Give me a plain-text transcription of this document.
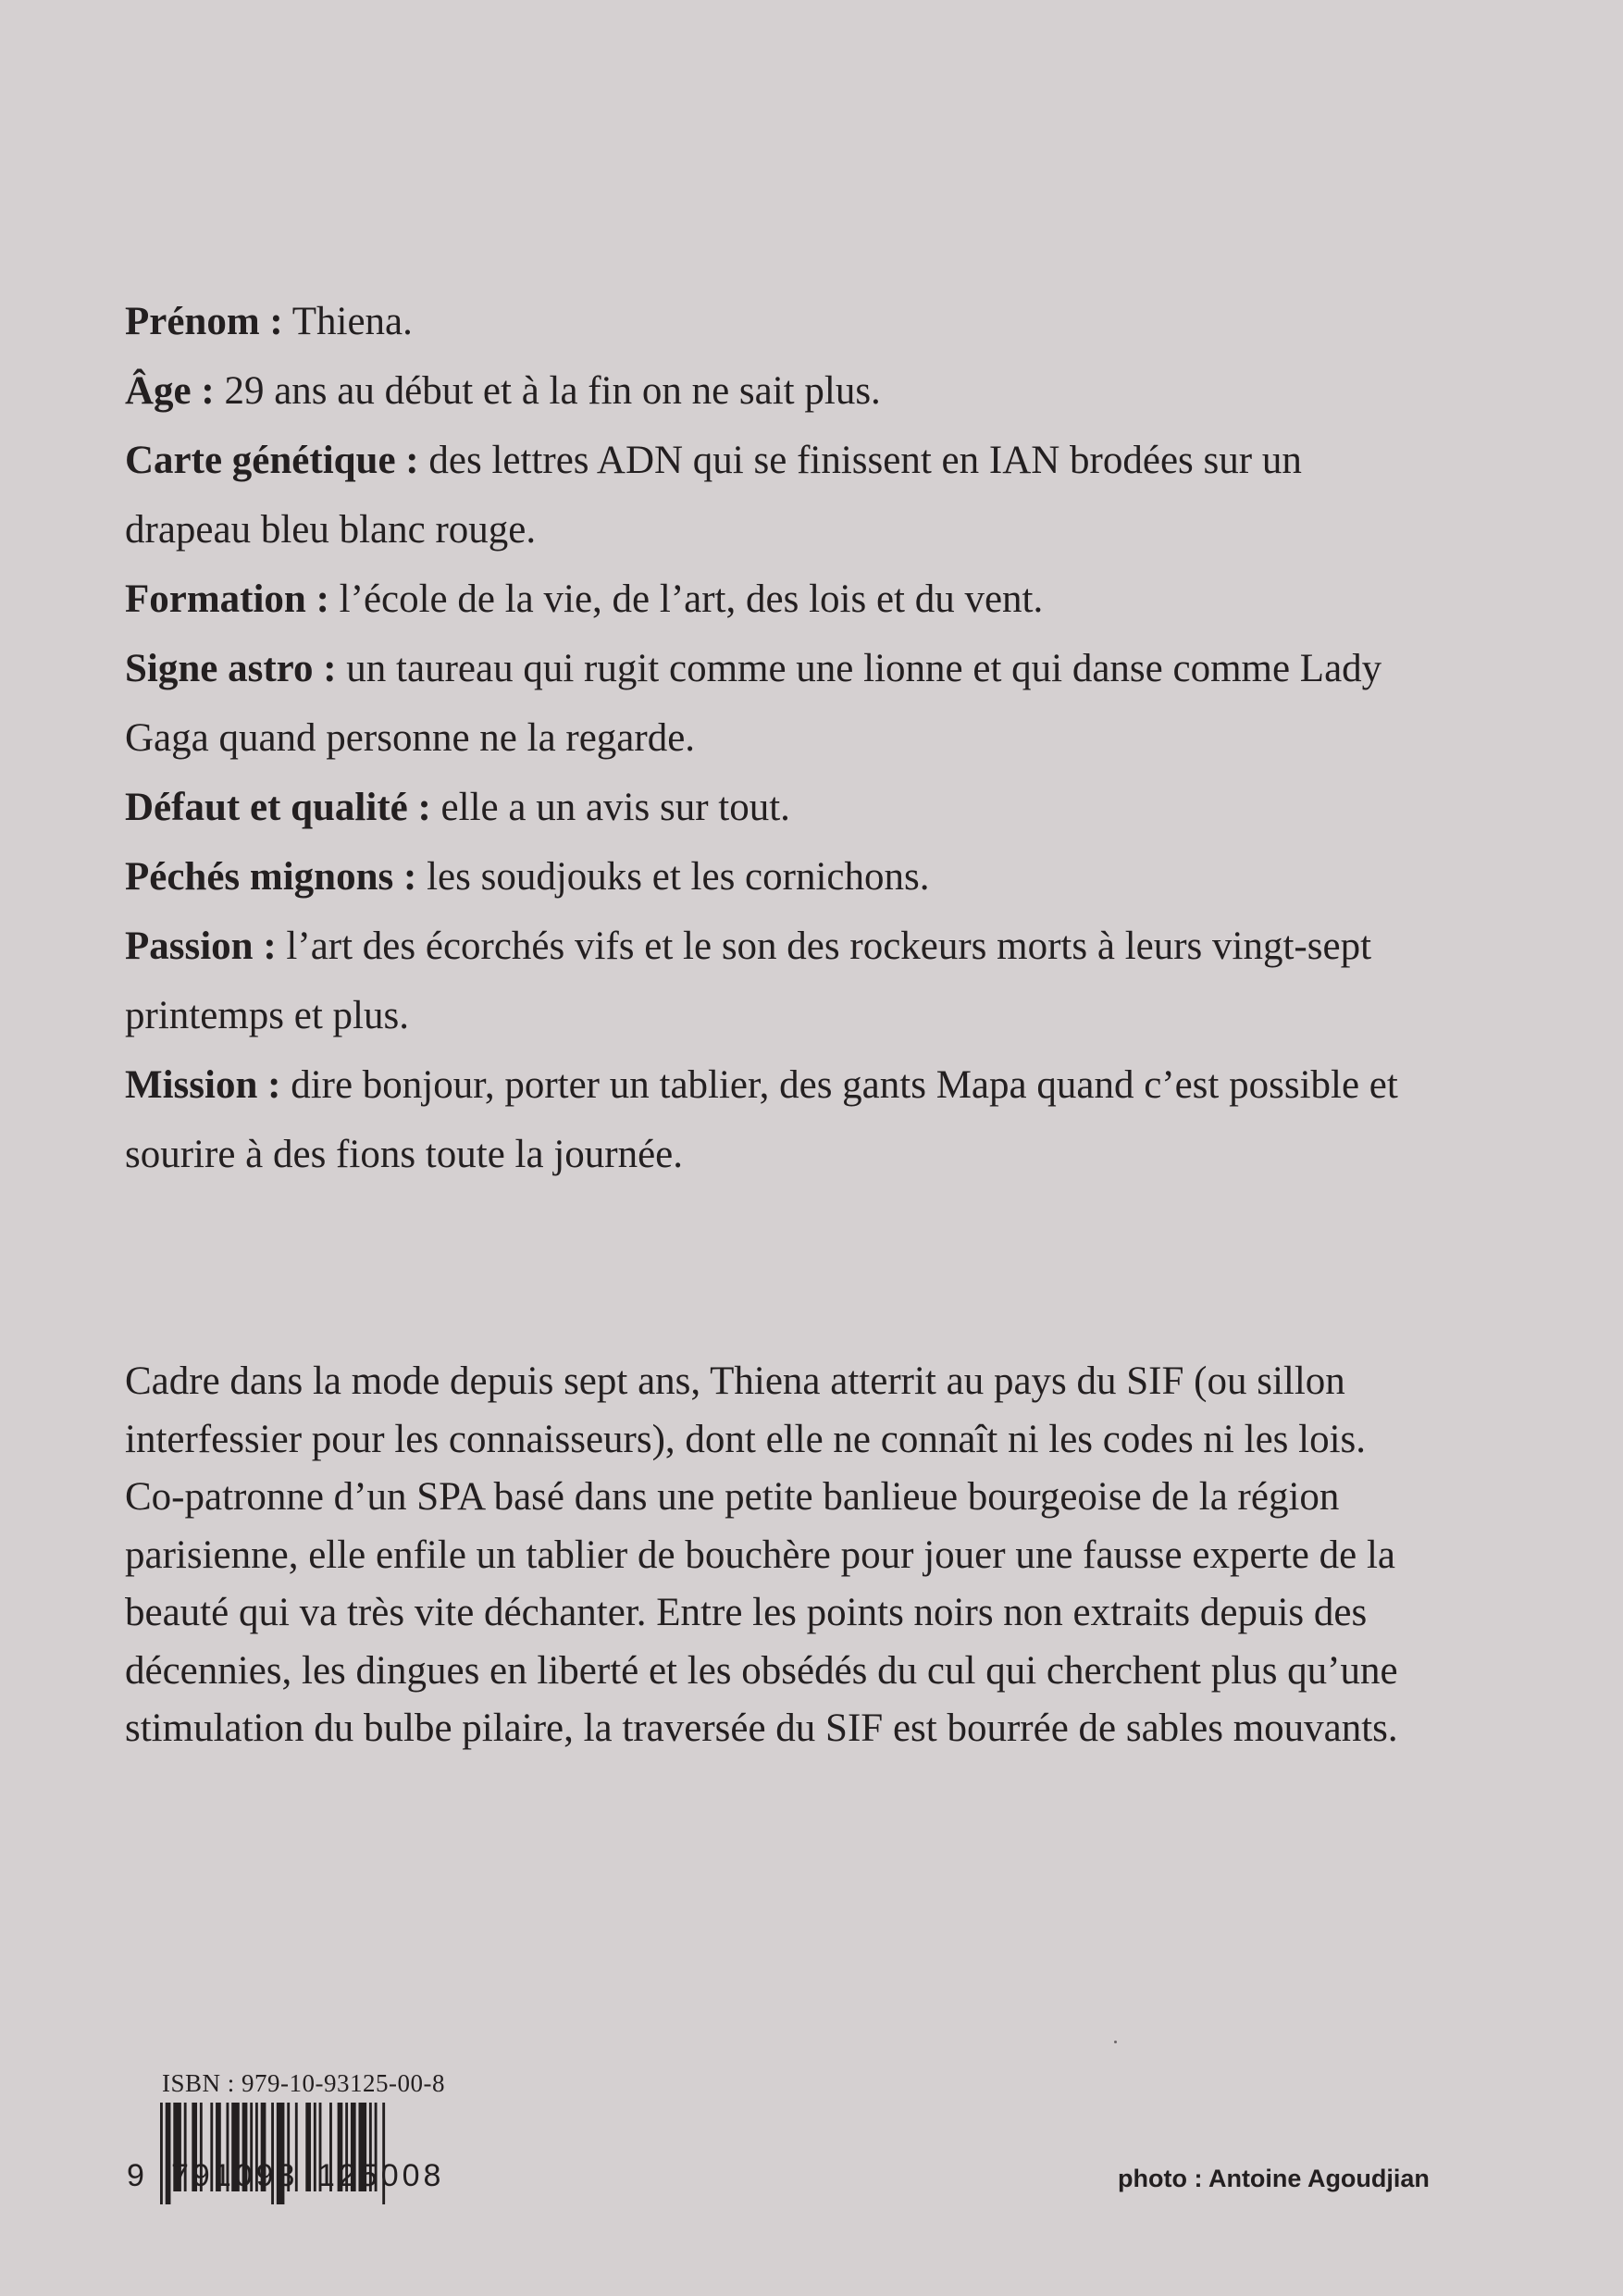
Prénom : Thiena.

Âge : 29 ans au début et à la fin on ne sait plus.

Carte génétique : des lettres ADN qui se finissent en IAN brodées sur un drapeau bleu blanc rouge.

Formation : l’école de la vie, de l’art, des lois et du vent.

Signe astro : un taureau qui rugit comme une lionne et qui danse comme Lady Gaga quand personne ne la regarde.

Défaut et qualité : elle a un avis sur tout.

Péchés mignons : les soudjouks et les cornichons.

Passion : l’art des écorchés vifs et le son des rockeurs morts à leurs vingt-sept printemps et plus.

Mission : dire bonjour, porter un tablier, des gants Mapa quand c’est possible et sourire à des fions toute la journée.

Cadre dans la mode depuis sept ans, Thiena atterrit au pays du SIF (ou sillon interfessier pour les connaisseurs), dont elle ne connaît ni les codes ni les lois. Co-patronne d’un SPA basé dans une petite banlieue bourgeoise de la région parisienne, elle enfile un tablier de bouchère pour jouer une fausse experte de la beauté qui va très vite déchanter. Entre les points noirs non extraits depuis des décennies, les dingues en liberté et les obsédés du cul qui cherchent plus qu’une stimulation du bulbe pilaire, la traversée du SIF est bourrée de sables mouvants.

ISBN : 979-10-93125-00-8
9 791093 125008	photo : Antoine Agoudjian
